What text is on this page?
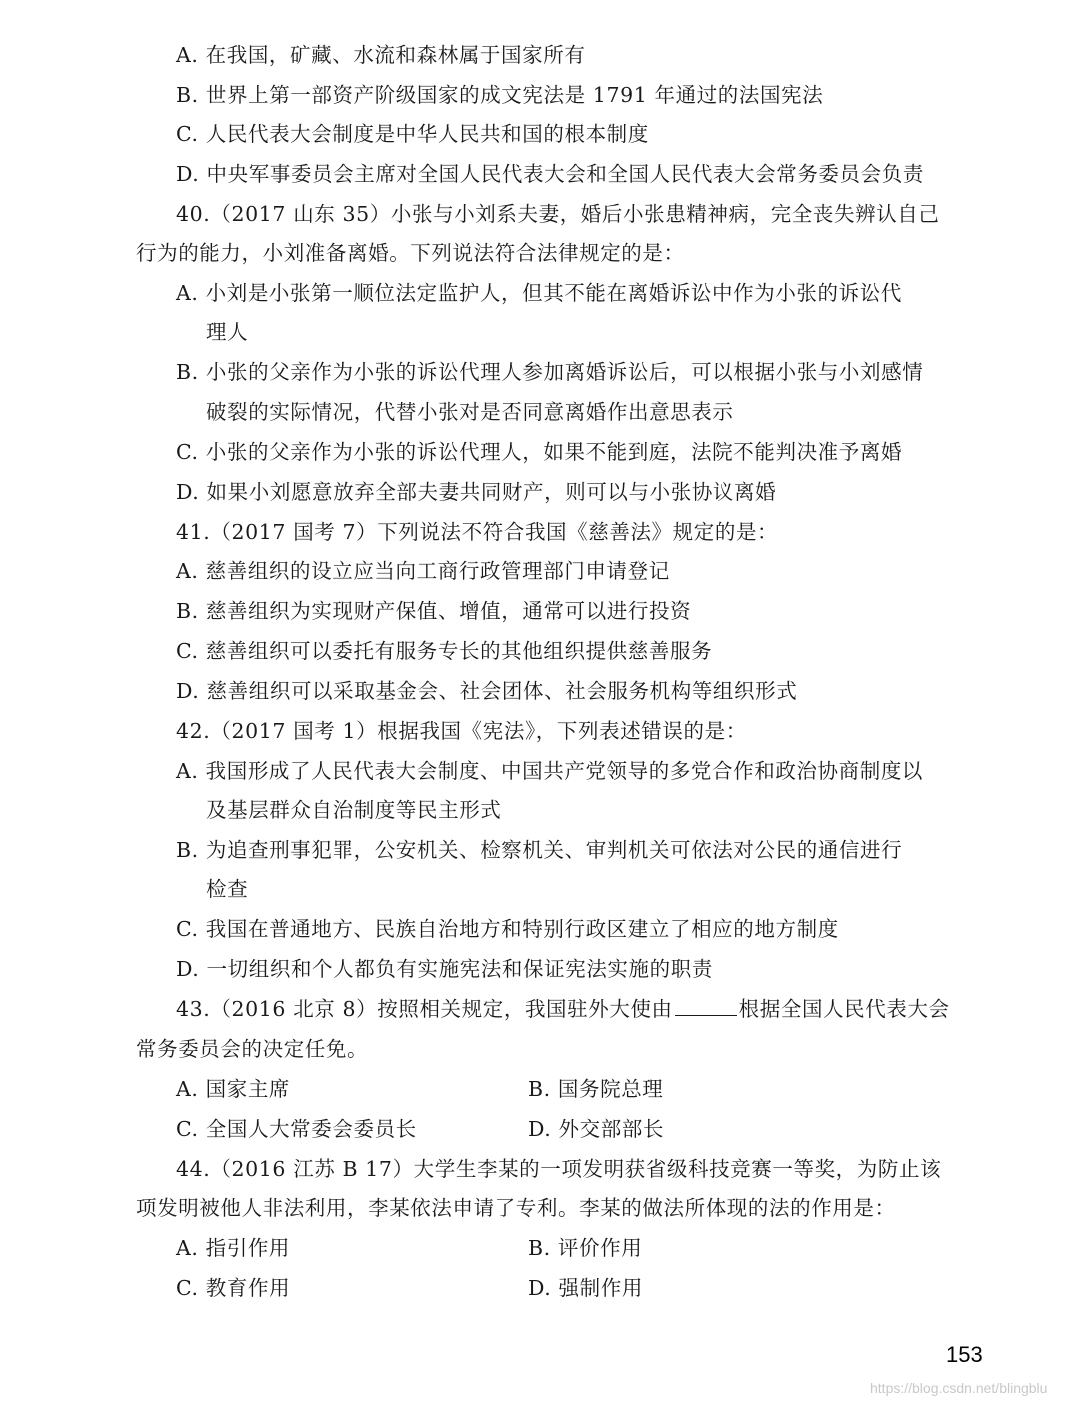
A. 在我国，矿藏、水流和森林属于国家所有
B. 世界上第一部资产阶级国家的成文宪法是 1791 年通过的法国宪法
C. 人民代表大会制度是中华人民共和国的根本制度
D. 中央军事委员会主席对全国人民代表大会和全国人民代表大会常务委员会负责
40.（2017 山东 35）小张与小刘系夫妻，婚后小张患精神病，完全丧失辨认自己
行为的能力，小刘准备离婚。下列说法符合法律规定的是：
A. 小刘是小张第一顺位法定监护人，但其不能在离婚诉讼中作为小张的诉讼代
理人
B. 小张的父亲作为小张的诉讼代理人参加离婚诉讼后，可以根据小张与小刘感情
破裂的实际情况，代替小张对是否同意离婚作出意思表示
C. 小张的父亲作为小张的诉讼代理人，如果不能到庭，法院不能判决准予离婚
D. 如果小刘愿意放弃全部夫妻共同财产，则可以与小张协议离婚
41.（2017 国考 7）下列说法不符合我国《慈善法》规定的是：
A. 慈善组织的设立应当向工商行政管理部门申请登记
B. 慈善组织为实现财产保值、增值，通常可以进行投资
C. 慈善组织可以委托有服务专长的其他组织提供慈善服务
D. 慈善组织可以采取基金会、社会团体、社会服务机构等组织形式
42.（2017 国考 1）根据我国《宪法》，下列表述错误的是：
A. 我国形成了人民代表大会制度、中国共产党领导的多党合作和政治协商制度以
及基层群众自治制度等民主形式
B. 为追查刑事犯罪，公安机关、检察机关、审判机关可依法对公民的通信进行
检查
C. 我国在普通地方、民族自治地方和特别行政区建立了相应的地方制度
D. 一切组织和个人都负有实施宪法和保证宪法实施的职责
43.（2016 北京 8）按照相关规定，我国驻外大使由	根据全国人民代表大会
常务委员会的决定任免。
A. 国家主席	B. 国务院总理
C. 全国人大常委会委员长	D. 外交部部长
44.（2016 江苏 B 17）大学生李某的一项发明获省级科技竞赛一等奖，为防止该
项发明被他人非法利用，李某依法申请了专利。李某的做法所体现的法的作用是：
A. 指引作用	B. 评价作用
C. 教育作用	D. 强制作用
153
https://blog.csdn.net/blingblu
